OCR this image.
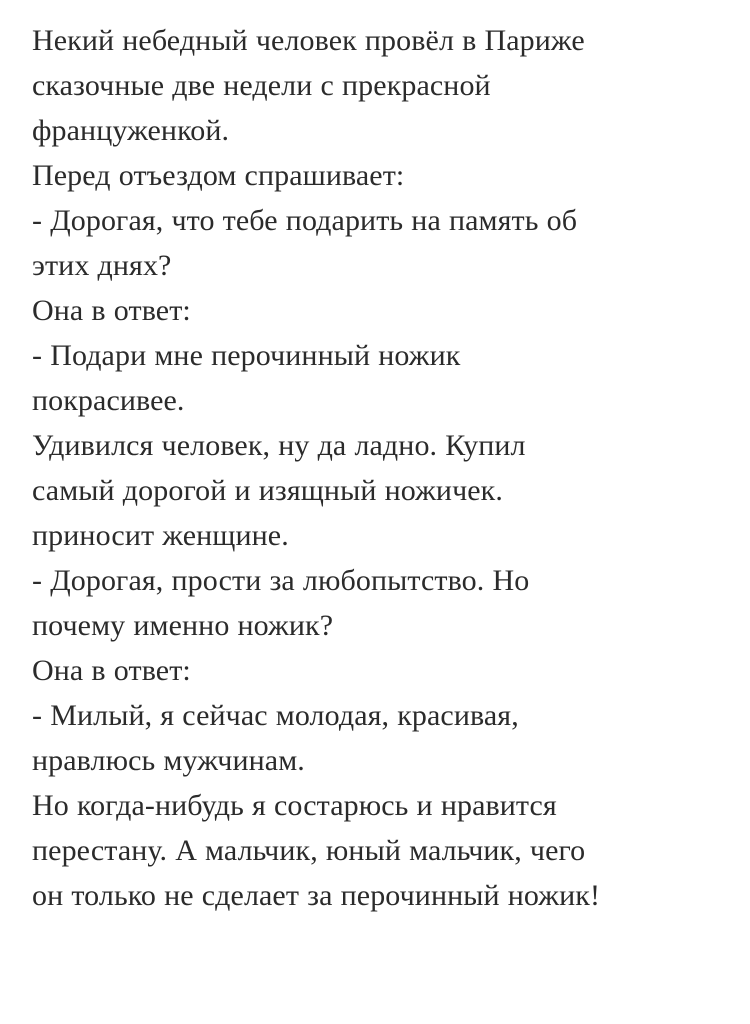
Некий небедный человек провёл в Париже
сказочные две недели с прекрасной
француженкой.
Перед отъездом спрашивает:
- Дорогая, что тебе подарить на память об
этих днях?
Она в ответ:
- Подари мне перочинный ножик
покрасивее.
Удивился человек, ну да ладно. Купил
самый дорогой и изящный ножичек.
приносит женщине.
- Дорогая, прости за любопытство. Но
почему именно ножик?
Она в ответ:
- Милый, я сейчас молодая, красивая,
нравлюсь мужчинам.
Но когда-нибудь я состарюсь и нравится
перестану. А мальчик, юный мальчик, чего
он только не сделает за перочинный ножик!
